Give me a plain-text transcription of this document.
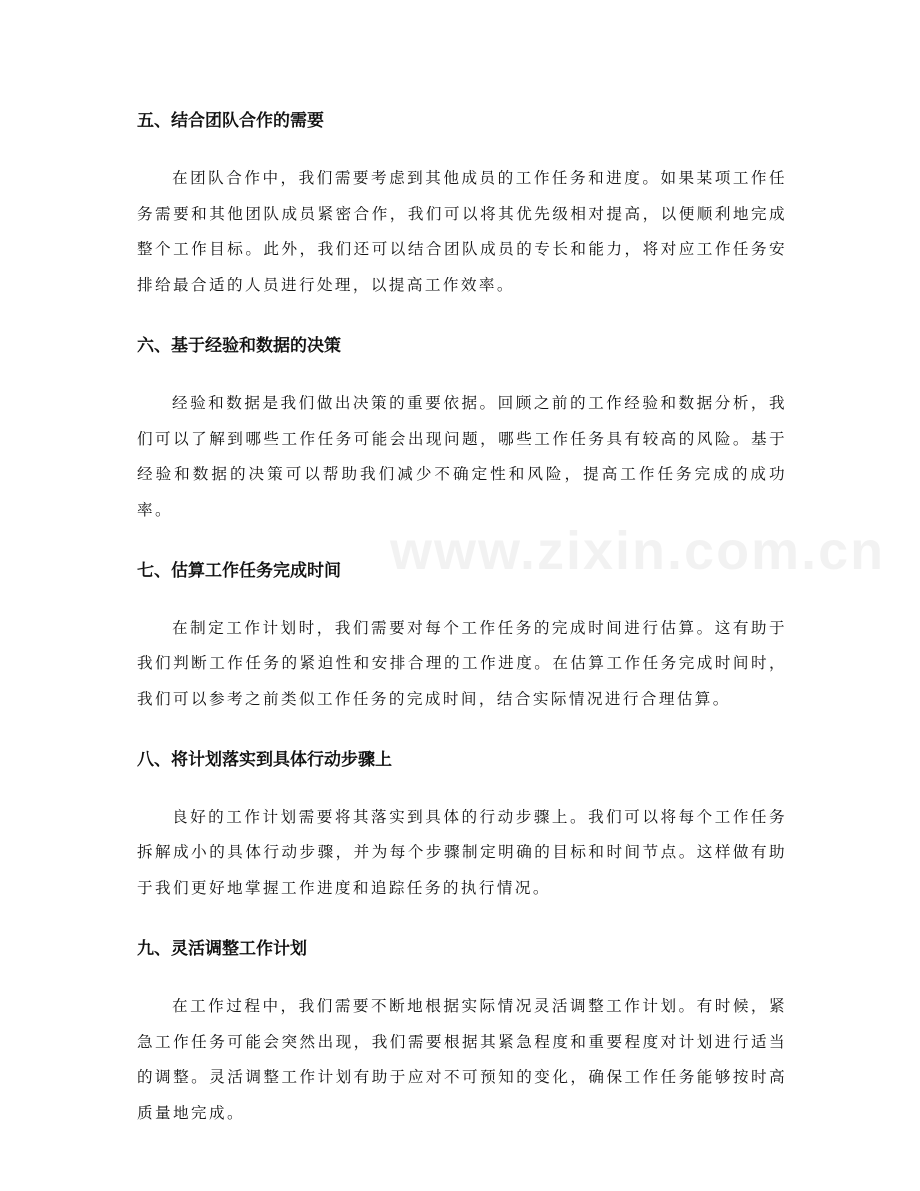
www.zixin.com.cn
五、结合团队合作的需要

在团队合作中，我们需要考虑到其他成员的工作任务和进度。如果某项工作任务需要和其他团队成员紧密合作，我们可以将其优先级相对提高，以便顺利地完成整个工作目标。此外，我们还可以结合团队成员的专长和能力，将对应工作任务安排给最合适的人员进行处理，以提高工作效率。

六、基于经验和数据的决策

经验和数据是我们做出决策的重要依据。回顾之前的工作经验和数据分析，我们可以了解到哪些工作任务可能会出现问题，哪些工作任务具有较高的风险。基于经验和数据的决策可以帮助我们减少不确定性和风险，提高工作任务完成的成功率。

七、估算工作任务完成时间

在制定工作计划时，我们需要对每个工作任务的完成时间进行估算。这有助于我们判断工作任务的紧迫性和安排合理的工作进度。在估算工作任务完成时间时，我们可以参考之前类似工作任务的完成时间，结合实际情况进行合理估算。

八、将计划落实到具体行动步骤上

良好的工作计划需要将其落实到具体的行动步骤上。我们可以将每个工作任务拆解成小的具体行动步骤，并为每个步骤制定明确的目标和时间节点。这样做有助于我们更好地掌握工作进度和追踪任务的执行情况。

九、灵活调整工作计划

在工作过程中，我们需要不断地根据实际情况灵活调整工作计划。有时候，紧急工作任务可能会突然出现，我们需要根据其紧急程度和重要程度对计划进行适当的调整。灵活调整工作计划有助于应对不可预知的变化，确保工作任务能够按时高质量地完成。
